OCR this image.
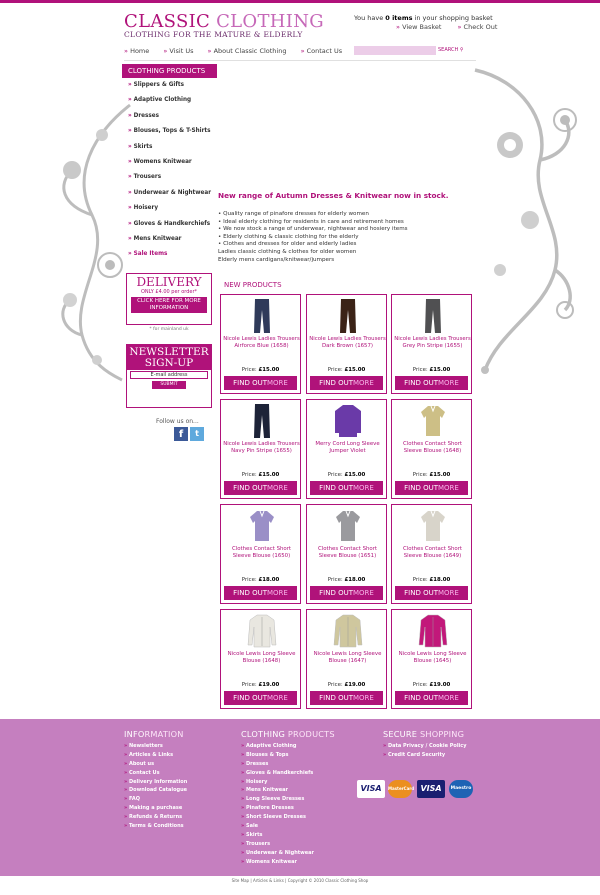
CLASSIC CLOTHING
CLOTHING FOR THE MATURE & ELDERLY
You have 0 items in your shopping basket
» View Basket » Check Out
» Home » Visit Us » About Classic Clothing » Contact Us	SEARCH ⚲
CLOTHING PRODUCTS
» Slippers & Gifts
» Adaptive Clothing
» Dresses
» Blouses, Tops & T-Shirts
» Skirts
» Womens Knitwear
» Trousers
» Underwear & Nightwear
» Hoisery
» Gloves & Handkerchiefs
» Mens Knitwear
» Sale Items
DELIVERY
ONLY £4.00 per order*
CLICK HERE FOR MORE INFORMATION
* for mainland uk
NEWSLETTER SIGN-UP
E-mail address
SUBMIT
Follow us on...
f	t
New range of Autumn Dresses & Knitwear now in stock.
• Quality range of pinafore dresses for elderly women
• Ideal elderly clothing for residents in care and retirement homes
• We now stock a range of underwear, nightwear and hosiery items
• Elderly clothing & classic clothing for the elderly
• Clothes and dresses for older and elderly ladies
Ladies classic clothing & clothes for older women
Elderly mens cardigans/knitwear/jumpers
NEW PRODUCTS
Nicole Lewis Ladies Trousers Airforce Blue (1658)
Price: £15.00
FIND OUTMORE
Nicole Lewis Ladies Trousers Dark Brown (1657)
Price: £15.00
FIND OUTMORE
Nicole Lewis Ladies Trousers Grey Pin Stripe (1655)
Price: £15.00
FIND OUTMORE
Nicole Lewis Ladies Trousers Navy Pin Stripe (1655)
Price: £15.00
FIND OUTMORE
Merry Cord Long Sleeve Jumper Violet
Price: £15.00
FIND OUTMORE
Clothes Contact Short Sleeve Blouse (1648)
Price: £15.00
FIND OUTMORE
Clothes Contact Short Sleeve Blouse (1650)
Price: £18.00
FIND OUTMORE
Clothes Contact Short Sleeve Blouse (1651)
Price: £18.00
FIND OUTMORE
Clothes Contact Short Sleeve Blouse (1649)
Price: £18.00
FIND OUTMORE
Nicole Lewis Long Sleeve Blouse (1648)
Price: £19.00
FIND OUTMORE
Nicole Lewis Long Sleeve Blouse (1647)
Price: £19.00
FIND OUTMORE
Nicole Lewis Long Sleeve Blouse (1645)
Price: £19.00
FIND OUTMORE
INFORMATION
» Newsletters
» Articles & Links
» About us
» Contact Us
» Delivery Information
» Download Catalogue
» FAQ
» Making a purchase
» Refunds & Returns
» Terms & Conditions
CLOTHING PRODUCTS
» Adaptive Clothing
» Blouses & Tops
» Dresses
» Gloves & Handkerchiefs
» Hoisery
» Mens Knitwear
» Long Sleeve Dresses
» Pinafore Dresses
» Short Sleeve Dresses
» Sale
» Skirts
» Trousers
» Underwear & Nightwear
» Womens Knitwear
SECURE SHOPPING
» Data Privacy / Cookie Policy
» Credit Card Security
VISA	MasterCard VISA	Maestro
Site Map | Articles & Links | Copyright © 2010 Classic Clothing Shop
